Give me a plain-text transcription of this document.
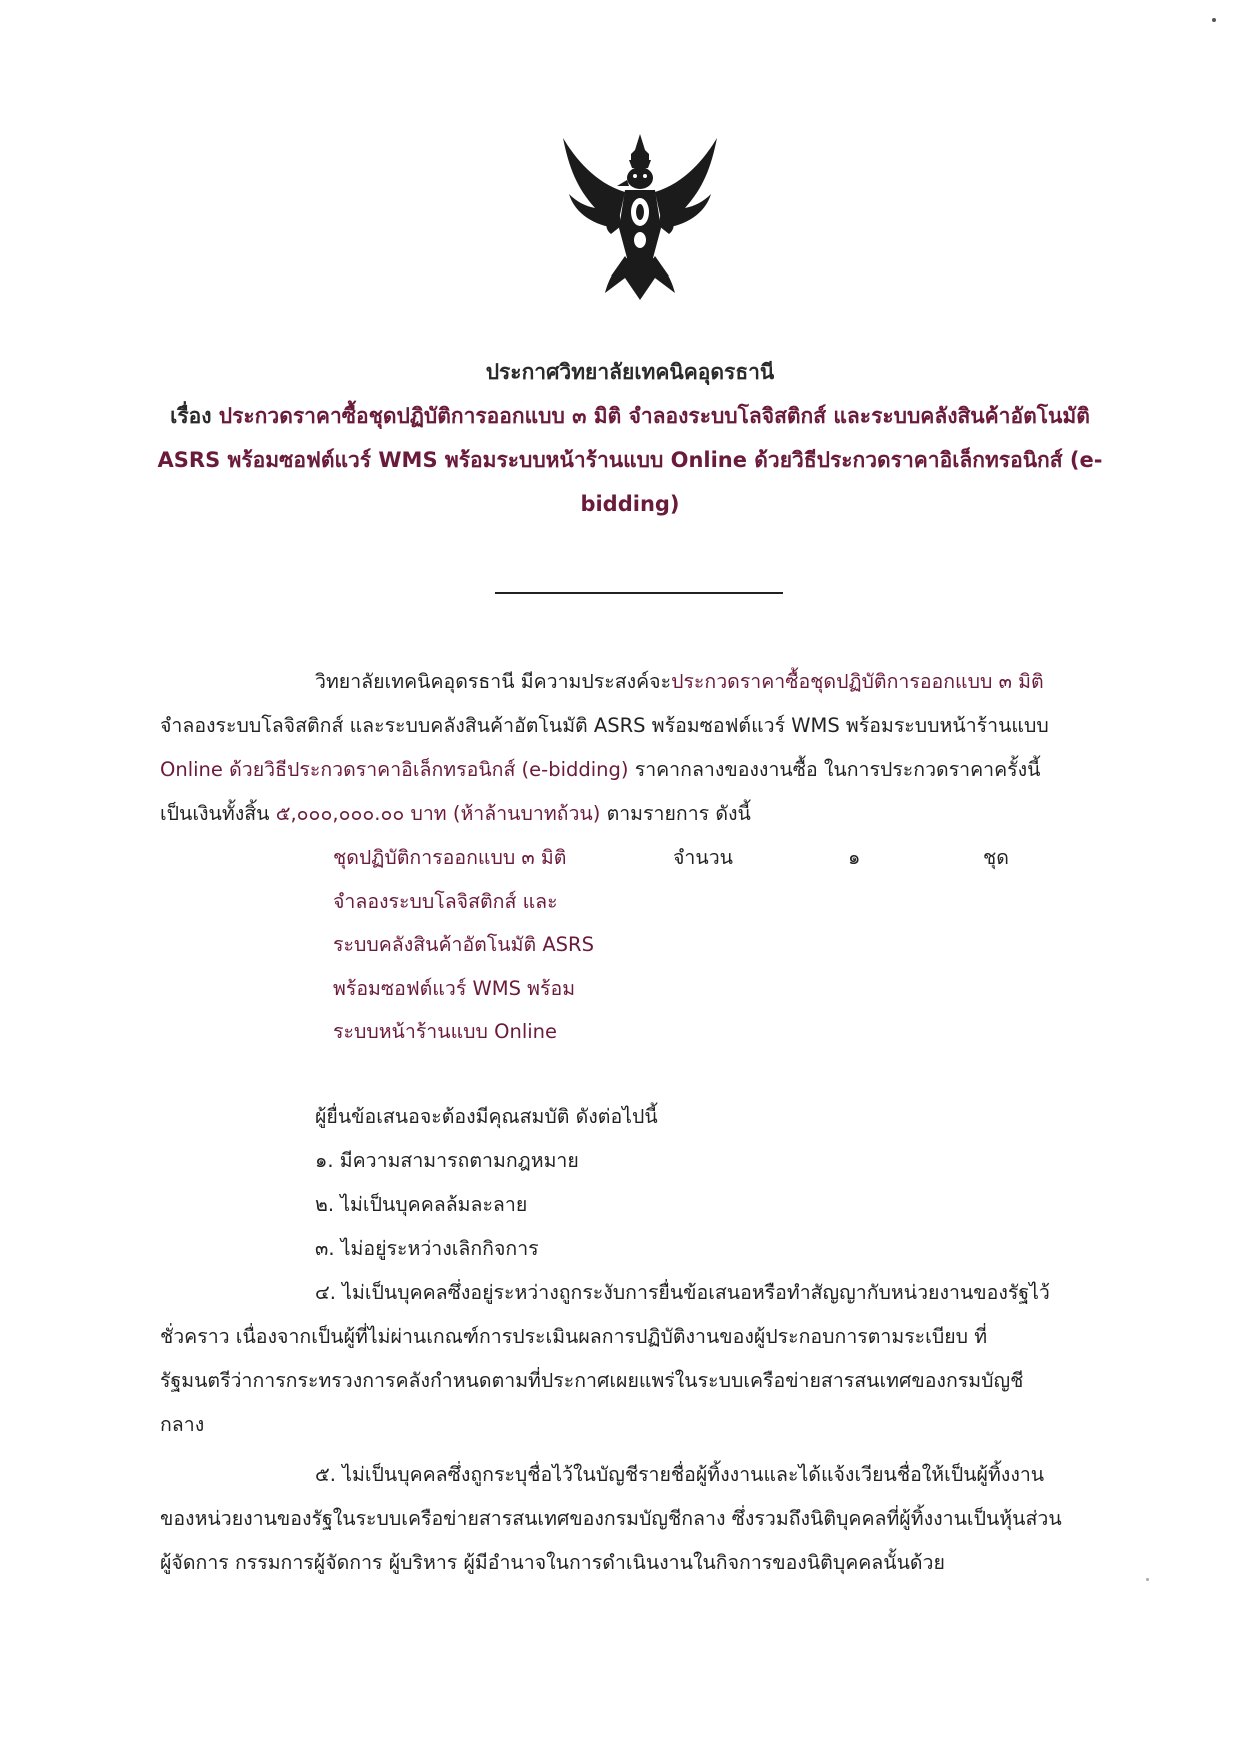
ประกาศวิทยาลัยเทคนิคอุดรธานี
เรื่อง ประกวดราคาซื้อชุดปฏิบัติการออกแบบ ๓ มิติ จำลองระบบโลจิสติกส์ และระบบคลังสินค้าอัตโนมัติ
ASRS พร้อมซอฟต์แวร์ WMS พร้อมระบบหน้าร้านแบบ Online ด้วยวิธีประกวดราคาอิเล็กทรอนิกส์ (e-
bidding)

วิทยาลัยเทคนิคอุดรธานี มีความประสงค์จะประกวดราคาซื้อชุดปฏิบัติการออกแบบ ๓ มิติ

จำลองระบบโลจิสติกส์ และระบบคลังสินค้าอัตโนมัติ ASRS พร้อมซอฟต์แวร์ WMS พร้อมระบบหน้าร้านแบบ

Online ด้วยวิธีประกวดราคาอิเล็กทรอนิกส์ (e-bidding) ราคากลางของงานซื้อ ในการประกวดราคาครั้งนี้

เป็นเงินทั้งสิ้น ๕,๐๐๐,๐๐๐.๐๐ บาท (ห้าล้านบาทถ้วน) ตามรายการ ดังนี้

ชุดปฏิบัติการออกแบบ ๓ มิติ	จำนวน	๑	ชุด
จำลองระบบโลจิสติกส์ และ
ระบบคลังสินค้าอัตโนมัติ ASRS
พร้อมซอฟต์แวร์ WMS พร้อม
ระบบหน้าร้านแบบ Online

ผู้ยื่นข้อเสนอจะต้องมีคุณสมบัติ ดังต่อไปนี้

๑. มีความสามารถตามกฎหมาย

๒. ไม่เป็นบุคคลล้มละลาย

๓. ไม่อยู่ระหว่างเลิกกิจการ

๔. ไม่เป็นบุคคลซึ่งอยู่ระหว่างถูกระงับการยื่นข้อเสนอหรือทำสัญญากับหน่วยงานของรัฐไว้

ชั่วคราว เนื่องจากเป็นผู้ที่ไม่ผ่านเกณฑ์การประเมินผลการปฏิบัติงานของผู้ประกอบการตามระเบียบ ที่

รัฐมนตรีว่าการกระทรวงการคลังกำหนดตามที่ประกาศเผยแพร่ในระบบเครือข่ายสารสนเทศของกรมบัญชี

กลาง

๕. ไม่เป็นบุคคลซึ่งถูกระบุชื่อไว้ในบัญชีรายชื่อผู้ทิ้งงานและได้แจ้งเวียนชื่อให้เป็นผู้ทิ้งงาน

ของหน่วยงานของรัฐในระบบเครือข่ายสารสนเทศของกรมบัญชีกลาง ซึ่งรวมถึงนิติบุคคลที่ผู้ทิ้งงานเป็นหุ้นส่วน

ผู้จัดการ กรรมการผู้จัดการ ผู้บริหาร ผู้มีอำนาจในการดำเนินงานในกิจการของนิติบุคคลนั้นด้วย
